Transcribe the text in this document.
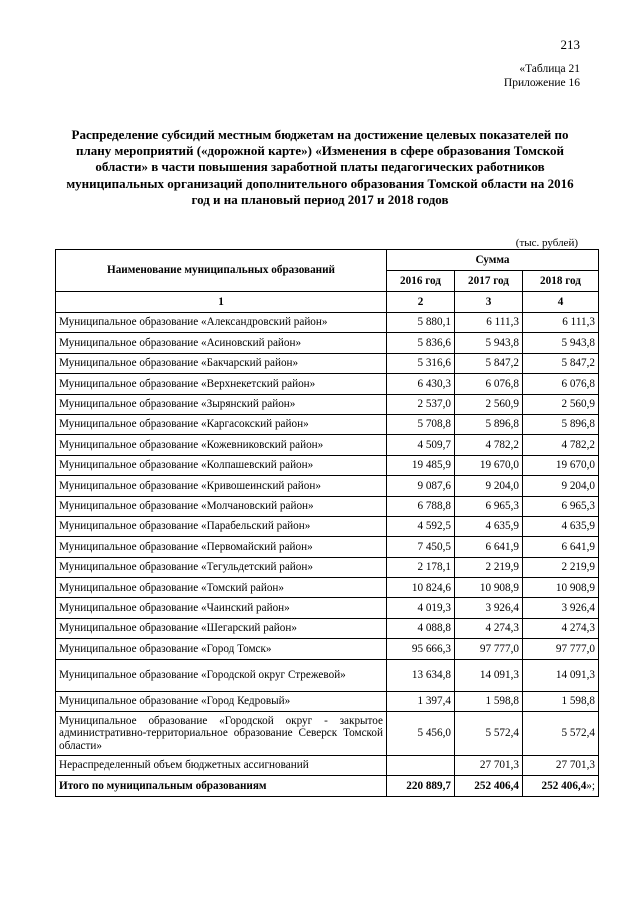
213
«Таблица 21
Приложение 16
Распределение субсидий местным бюджетам на достижение целевых показателей по плану мероприятий («дорожной карте») «Изменения в сфере образования Томской области» в части повышения заработной платы педагогических работников муниципальных организаций дополнительного образования Томской области на 2016 год и на плановый период 2017 и 2018 годов
(тыс. рублей)
Наименование муниципальных образований	Сумма		
	2016 год	2017 год	2018 год
1	2	3	4
Муниципальное образование «Александровский район»	5 880,1	6 111,3	6 111,3
Муниципальное образование «Асиновский район»	5 836,6	5 943,8	5 943,8
Муниципальное образование «Бакчарский район»	5 316,6	5 847,2	5 847,2
Муниципальное образование «Верхнекетский район»	6 430,3	6 076,8	6 076,8
Муниципальное образование «Зырянский район»	2 537,0	2 560,9	2 560,9
Муниципальное образование «Каргасокский район»	5 708,8	5 896,8	5 896,8
Муниципальное образование «Кожевниковский район»	4 509,7	4 782,2	4 782,2
Муниципальное образование «Колпашевский район»	19 485,9	19 670,0	19 670,0
Муниципальное образование «Кривошеинский район»	9 087,6	9 204,0	9 204,0
Муниципальное образование «Молчановский район»	6 788,8	6 965,3	6 965,3
Муниципальное образование «Парабельский район»	4 592,5	4 635,9	4 635,9
Муниципальное образование «Первомайский район»	7 450,5	6 641,9	6 641,9
Муниципальное образование «Тегульдетский район»	2 178,1	2 219,9	2 219,9
Муниципальное образование «Томский район»	10 824,6	10 908,9	10 908,9
Муниципальное образование «Чаинский район»	4 019,3	3 926,4	3 926,4
Муниципальное образование «Шегарский район»	4 088,8	4 274,3	4 274,3
Муниципальное образование «Город Томск»	95 666,3	97 777,0	97 777,0
Муниципальное образование «Городской округ Стрежевой»	13 634,8	14 091,3	14 091,3
Муниципальное образование «Город Кедровый»	1 397,4	1 598,8	1 598,8
Муниципальное образование «Городской округ - закрытое административно-территориальное образование Северск Томской области»	5 456,0	5 572,4	5 572,4
Нераспределенный объем бюджетных ассигнований		27 701,3	27 701,3
Итого по муниципальным образованиям	220 889,7	252 406,4	252 406,4»;
